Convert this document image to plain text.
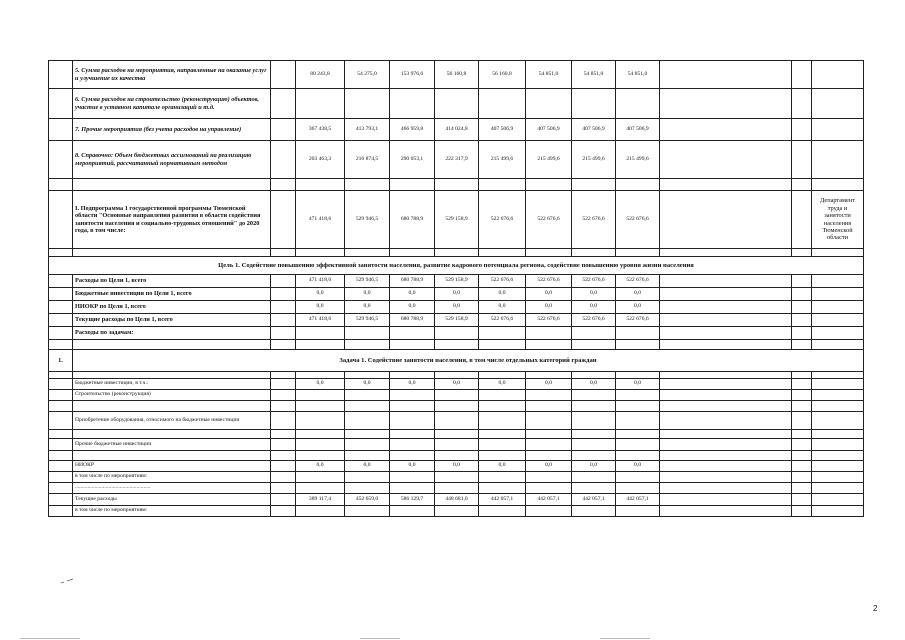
	5. Сумма расходов на мероприятия, направленные на оказание услуг и улучшение их качества		80 243,8	54 275,0	153 976,6	56 160,8	56 160,8	54 851,0	54 851,0	54 851,0			
	6. Сумма расходов на строительство (реконструкцию) объектов, участие в уставном капитале организаций и т.д.												
	7. Прочие мероприятия (без учета расходов на управление)		367 438,5	413 793,1	466 959,8	414 024,8	407 506,9	407 506,9	407 506,9	407 506,9			
	8. Справочно: Объем бюджетных ассигнований на реализацию мероприятий, рассчитанный нормативным методом		203 463,3	216 874,5	290 053,1	222 317,9	215 499,6	215 499,6	215 499,6	215 499,6			

	I. Подпрограмма 1 государственной программы Тюменской области "Основные направления развития в области содействия занятости населения и социально-трудовых отношений" до 2020 года, в том числе:		471 418,6	529 946,5	680 788,9	529 158,9	522 676,6	522 676,6	522 676,6	522 676,6			Департамент труда и занятости населения Тюменской области

Цель 1. Содействие повышению эффективной занятости населения, развитие кадрового потенциала региона, содействие повышению уровня жизни населения													
	Расходы по Цели 1, всего		471 418,6	529 946,5	680 788,9	529 158,9	522 676,6	522 676,6	522 676,6	522 676,6			
	Бюджетные инвестиции по Цели 1, всего		0,0	0,0	0,0	0,0	0,0	0,0	0,0	0,0			
	НИОКР по Цели 1, всего		0,0	0,0	0,0	0,0	0,0	0,0	0,0	0,0			
	Текущие расходы по Цели 1, всего		471 418,6	529 946,5	680 788,9	529 158,9	522 676,6	522 676,6	522 676,6	522 676,6			
	Расходы по задачам:												

1.	Задача 1. Содействие занятости населения, в том числе отдельных категорий граждан												

	Бюджетные инвестиции, в т.ч.:		0,0	0,0	0,0	0,0	0,0	0,0	0,0	0,0			
	Строительство (реконструкция)												

	Приобретение оборудования, относимого на бюджетные инвестиции												

	Прочие бюджетные инвестиции												

	НИОКР		0,0	0,0	0,0	0,0	0,0	0,0	0,0	0,0			
	в том числе по мероприятиям:												
	......................................................												
	Текущие расходы		389 117,4	452 659,0	586 129,7	448 681,0	442 057,1	442 057,1	442 057,1	442 057,1			
	в том числе по мероприятиям:												
2
